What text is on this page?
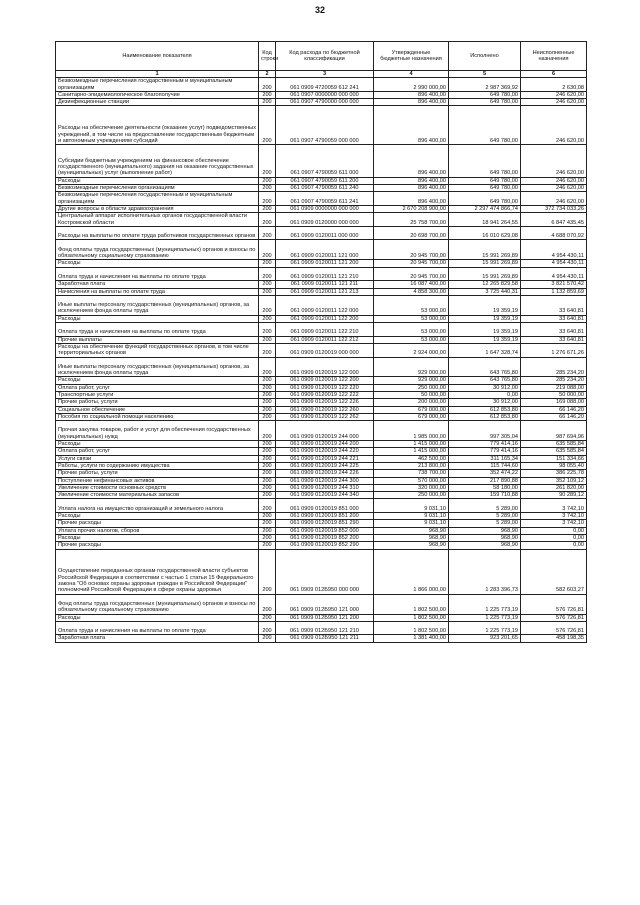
32
Наименование показателя	Код строки	Код расхода по бюджетной классификации	Утвержденные бюджетные назначения	Исполнено	Неисполненные назначения
1	2	3	4	5	6
Безвозмездные перечисления государственным и муниципальным организациям	200	061 0909 4720059 612 241	2 990 000,00	2 987 369,92	2 630,08
Санитарно-эпидемиологическое благополучие	200	061 0907 0000000 000 000	896 400,00	649 780,00	246 620,00
Дезинфекционные станции	200	061 0907 4790000 000 000	896 400,00	649 780,00	246 620,00
Расходы на обеспечение деятельности (оказание услуг) подведомственных учреждений, в том числе на предоставление государственным бюджетным и автономным учреждениям субсидий	200	061 0907 4790059 000 000	896 400,00	649 780,00	246 620,00
Субсидии бюджетным учреждениям на финансовое обеспечение государственного (муниципального) задания на оказание государственных (муниципальных) услуг (выполнение работ)	200	061 0907 4790059 611 000	896 400,00	649 780,00	246 620,00
Расходы	200	061 0907 4790059 611 200	896 400,00	649 780,00	246 620,00
Безвозмездные перечисления организациям	200	061 0907 4790059 611 240	896 400,00	649 780,00	246 620,00
Безвозмездные перечисления государственным и муниципальным организациям	200	061 0907 4790059 611 241	896 400,00	649 780,00	246 620,00
Другие вопросы в области здравоохранения	200	061 0909 0000000 000 000	2 670 208 900,00	2 297 474 866,74	372 734 033,26
Центральный аппарат исполнительных органов государственной власти Костромской области	200	061 0909 0120000 000 000	25 758 700,00	18 941 264,55	6 847 435,45
Расходы на выплаты по оплате труда работников государственных органов	200	061 0909 0120011 000 000	20 698 700,00	16 010 629,08	4 688 070,92
Фонд оплаты труда государственных (муниципальных) органов и взносы по обязательному социальному страхованию	200	061 0909 0120011 121 000	20 945 700,00	15 991 269,89	4 954 430,11
Расходы	200	061 0909 0120011 121 200	20 945 700,00	15 991 269,89	4 954 430,11
Оплата труда и начисления на выплаты по оплате труда	200	061 0909 0120011 121 210	20 945 700,00	15 991 269,89	4 954 430,11
Заработная плата	200	061 0909 0120011 121 211	16 087 400,00	12 265 829,58	3 821 570,42
Начисления на выплаты по оплате труда	200	061 0909 0120011 121 213	4 858 300,00	3 725 440,31	1 132 859,69
Иные выплаты персоналу государственных (муниципальных) органов, за исключением фонда оплаты труда	200	061 0909 0120011 122 000	53 000,00	19 359,19	33 640,81
Расходы	200	061 0909 0120011 122 200	53 000,00	19 359,19	33 640,81
Оплата труда и начисления на выплаты по оплате труда	200	061 0909 0120011 122 210	53 000,00	19 359,19	33 640,81
Прочие выплаты	200	061 0909 0120011 122 212	53 000,00	19 359,19	33 640,81
Расходы на обеспечение функций государственных органов, в том числе территориальных органов	200	061 0909 0120019 000 000	2 924 000,00	1 647 328,74	1 276 671,26
Иные выплаты персоналу государственных (муниципальных) органов, за исключением фонда оплаты труда	200	061 0909 0120019 122 000	929 000,00	643 765,80	285 234,20
Расходы	200	061 0909 0120019 122 200	929 000,00	643 765,80	285 234,20
Оплата работ, услуг	200	061 0909 0120019 122 220	250 000,00	30 912,00	219 088,00
Транспортные услуги	200	061 0909 0120019 122 222	50 000,00	0,00	50 000,00
Прочие работы, услуги	200	061 0909 0120019 122 226	200 000,00	30 912,00	169 088,00
Социальное обеспечение	200	061 0909 0120019 122 260	679 000,00	612 853,80	66 146,20
Пособия по социальной помощи населению	200	061 0909 0120019 122 262	679 000,00	612 853,80	66 146,20
Прочая закупка товаров, работ и услуг для обеспечения государственных (муниципальных) нужд	200	061 0909 0120019 244 000	1 985 000,00	997 305,04	987 694,96
Расходы	200	061 0909 0120019 244 200	1 415 000,00	779 414,16	635 585,84
Оплата работ, услуг	200	061 0909 0120019 244 220	1 415 000,00	779 414,16	635 585,84
Услуги связи	200	061 0909 0120019 244 221	462 500,00	311 165,34	151 334,66
Работы, услуги по содержанию имущества	200	061 0909 0120019 244 225	213 800,00	115 744,60	98 055,40
Прочие работы, услуги	200	061 0909 0120019 244 226	738 700,00	352 474,22	386 225,78
Поступление нефинансовых активов	200	061 0909 0120019 244 300	570 000,00	217 890,88	352 109,12
Увеличение стоимости основных средств	200	061 0909 0120019 244 310	320 000,00	58 180,00	261 820,00
Увеличение стоимости материальных запасов	200	061 0909 0120019 244 340	250 000,00	159 710,88	90 289,12
Уплата налога на имущество организаций и земельного налога	200	061 0909 0120019 851 000	9 031,10	5 289,00	3 742,10
Расходы	200	061 0909 0120019 851 200	9 031,10	5 289,00	3 742,10
Прочие расходы	200	061 0909 0120019 851 290	9 031,10	5 289,00	3 742,10
Уплата прочих налогов, сборов	200	061 0909 0120019 852 000	968,90	968,90	0,00
Расходы	200	061 0909 0120019 852 200	968,90	968,90	0,00
Прочие расходы	200	061 0909 0120019 852 290	968,90	968,90	0,00
Осуществление переданных органам государственной власти субъектов Российской Федерации в соответствии с частью 1 статьи 15 Федерального закона "Об основах охраны здоровья граждан в Российской Федерации" полномочий Российской Федерации в сфере охраны здоровья	200	061 0909 012Б950 000 000	1 866 000,00	1 283 396,73	582 603,27
Фонд оплаты труда государственных (муниципальных) органов и взносы по обязательному социальному страхованию	200	061 0909 012Б950 121 000	1 802 500,00	1 225 773,19	576 726,81
Расходы	200	061 0909 012Б950 121 200	1 802 500,00	1 225 773,19	576 726,81
Оплата труда и начисления на выплаты по оплате труда	200	061 0909 012Б950 121 210	1 802 500,00	1 225 773,19	576 726,81
Заработная плата	200	061 0909 012Б950 121 211	1 381 400,00	923 201,65	458 198,35
